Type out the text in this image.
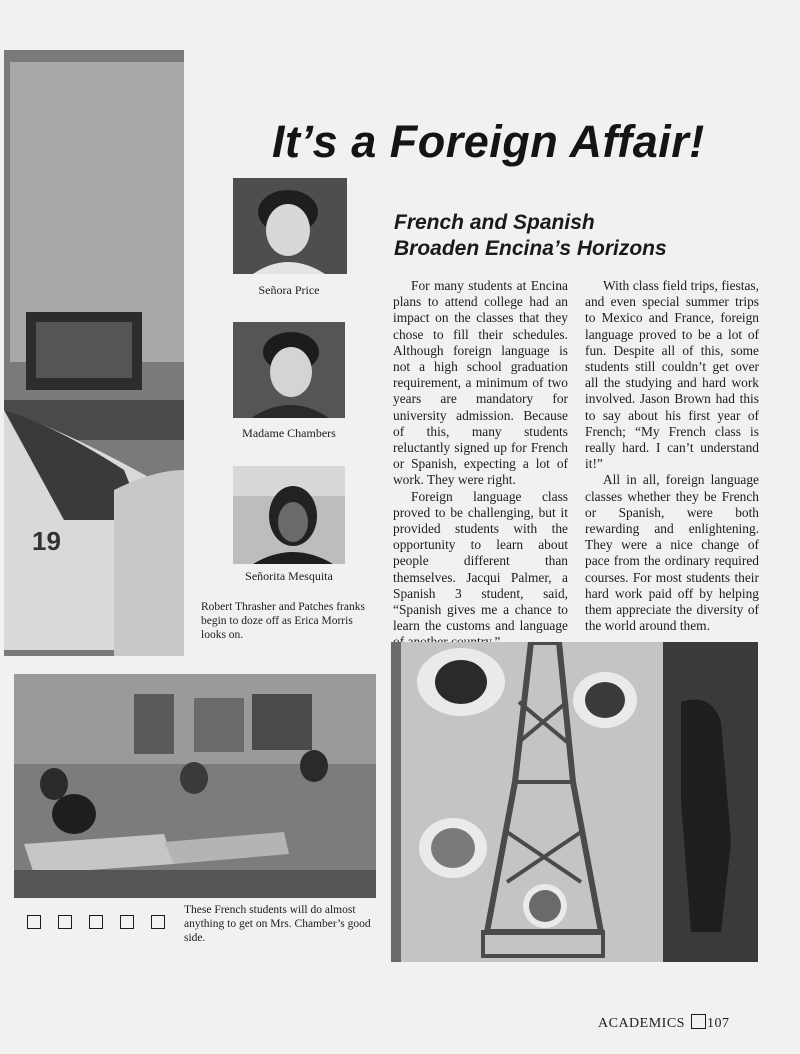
19
It’s a Foreign Affair!
French and Spanish
Broaden Encina’s Horizons
Señora Price
Madame Chambers
Señorita Mesquita
Robert Thrasher and Patches franks begin to doze off as Erica Morris looks on.

For many students at Encina plans to attend college had an impact on the classes that they chose to fill their schedules. Although foreign language is not a high school graduation requirement, a minimum of two years are mandatory for university admission. Because of this, many students reluctantly signed up for French or Spanish, expecting a lot of work. They were right.

Foreign language class proved to be challenging, but it provided students with the opportunity to learn about people different than themselves. Jacqui Palmer, a Spanish 3 student, said, “Spanish gives me a chance to learn the customs and language

With class field trips, fiestas, and even special summer trips to Mexico and France, foreign language proved to be a lot of fun. Despite all of this, some students still couldn’t get over all the studying and hard work involved. Jason Brown had this to say about his first year of French; “My French class is really hard. I can’t understand it!”

All in all, foreign language classes whether they be French or Spanish, were both rewarding and enlightening. They were a nice change of pace from the ordinary required courses. For most students their hard work paid off by helping them appreciate the diversity of the world around them.

These French students will do almost anything to get on Mrs. Chamber’s good side.
ACADEMICS 107
